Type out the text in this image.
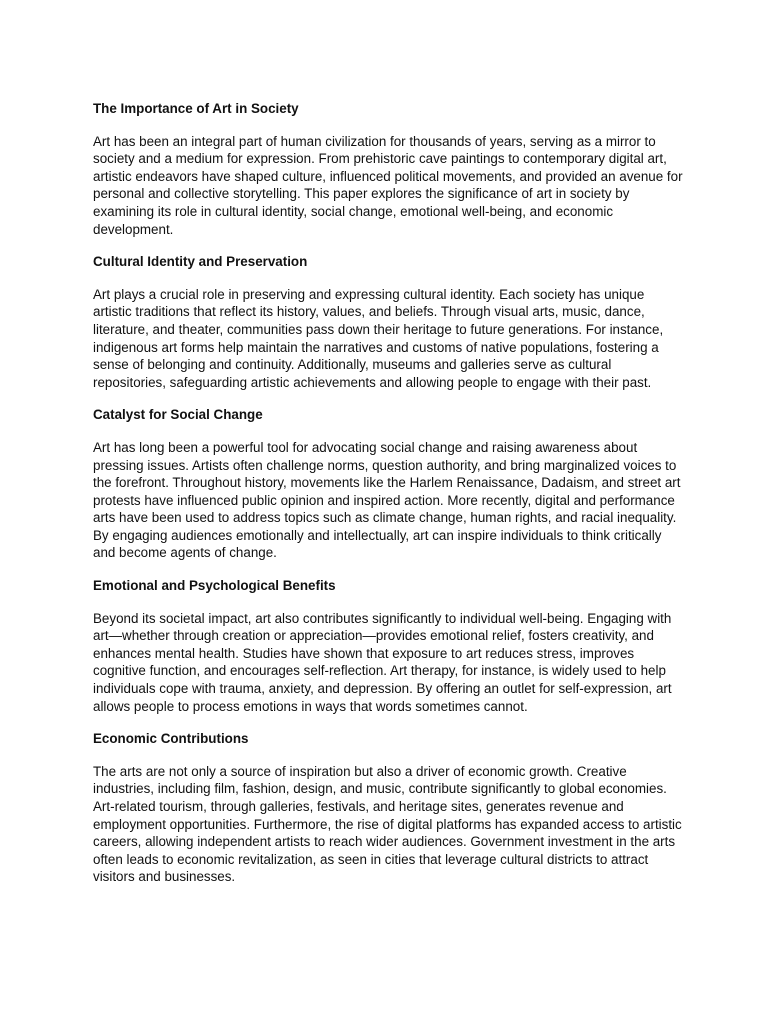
The Importance of Art in Society

Art has been an integral part of human civilization for thousands of years, serving as a mirror to society and a medium for expression. From prehistoric cave paintings to contemporary digital art, artistic endeavors have shaped culture, influenced political movements, and provided an avenue for personal and collective storytelling. This paper explores the significance of art in society by examining its role in cultural identity, social change, emotional well-being, and economic development.

Cultural Identity and Preservation

Art plays a crucial role in preserving and expressing cultural identity. Each society has unique artistic traditions that reflect its history, values, and beliefs. Through visual arts, music, dance, literature, and theater, communities pass down their heritage to future generations. For instance, indigenous art forms help maintain the narratives and customs of native populations, fostering a sense of belonging and continuity. Additionally, museums and galleries serve as cultural repositories, safeguarding artistic achievements and allowing people to engage with their past.

Catalyst for Social Change

Art has long been a powerful tool for advocating social change and raising awareness about pressing issues. Artists often challenge norms, question authority, and bring marginalized voices to the forefront. Throughout history, movements like the Harlem Renaissance, Dadaism, and street art protests have influenced public opinion and inspired action. More recently, digital and performance arts have been used to address topics such as climate change, human rights, and racial inequality. By engaging audiences emotionally and intellectually, art can inspire individuals to think critically and become agents of change.

Emotional and Psychological Benefits

Beyond its societal impact, art also contributes significantly to individual well-being. Engaging with art—whether through creation or appreciation—provides emotional relief, fosters creativity, and enhances mental health. Studies have shown that exposure to art reduces stress, improves cognitive function, and encourages self-reflection. Art therapy, for instance, is widely used to help individuals cope with trauma, anxiety, and depression. By offering an outlet for self-expression, art allows people to process emotions in ways that words sometimes cannot.

Economic Contributions

The arts are not only a source of inspiration but also a driver of economic growth. Creative industries, including film, fashion, design, and music, contribute significantly to global economies. Art-related tourism, through galleries, festivals, and heritage sites, generates revenue and employment opportunities. Furthermore, the rise of digital platforms has expanded access to artistic careers, allowing independent artists to reach wider audiences. Government investment in the arts often leads to economic revitalization, as seen in cities that leverage cultural districts to attract visitors and businesses.
